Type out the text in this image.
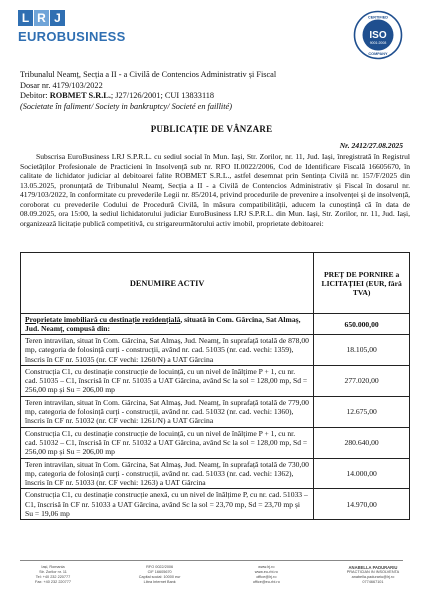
L R J
EUROBUSINESS	ISO
9001:2008
CERTIFIED
COMPANY
Tribunalul Neamț, Secția a II - a Civilă de Contencios Administrativ și Fiscal
Dosar nr. 4179/103/2022
Debitor: ROBMET S.R.L.; J27/126/2001; CUI 13833118
(Societate în faliment/ Society in bankruptcy/ Societé en faillité)
PUBLICAȚIE DE VÂNZARE
Nr. 2412/27.08.2025
Subscrisa EuroBusiness LRJ S.P.R.L. cu sediul social în Mun. Iași, Str. Zorilor, nr. 11, Jud. Iași, înregistrată în Registrul Societăților Profesionale de Practicieni în Insolvență sub nr. RFO II.0022/2006, Cod de Identificare Fiscală 16605670, în calitate de lichidator judiciar al debitoarei falite ROBMET S.R.L., astfel desemnat prin Sentința Civilă nr. 157/F/2025 din 13.05.2025, pronunțată de Tribunalul Neamț, Secția a II - a Civilă de Contencios Administrativ și Fiscal în dosarul nr. 4179/103/2022, în conformitate cu prevederile Legii nr. 85/2014, privind procedurile de prevenire a insolvenței și de insolvență, coroborat cu prevederile Codului de Procedură Civilă, în măsura compatibilității, aducem la cunoștință că în data de 08.09.2025, ora 15:00, la sediul lichidatorului judiciar EuroBusiness LRJ S.P.R.L. din Mun. Iași, Str. Zorilor, nr. 11, Jud. Iași, organizează licitație publică competitivă, cu strigareurmătorului activ imobil, proprietate debitoarei:
DENUMIRE ACTIV	PREȚ DE PORNIRE a LICITAȚIEI (EUR, fără TVA)
Proprietate imobiliară cu destinație rezidențială, situată în Com. Gârcina, Sat Almaș, Jud. Neamț, compusă din:	650.000,00
Teren intravilan, situat în Com. Gârcina, Sat Almaș, Jud. Neamț, în suprafață totală de 878,00 mp, categoria de folosință curți - construcții, având nr. cad. 51035 (nr. cad. vechi: 1359), înscris în CF nr. 51035 (nr. CF vechi: 1260/N) a UAT Gârcina	18.105,00
Construcția C1, cu destinație construcție de locuință, cu un nivel de înălțime P + 1, cu nr. cad. 51035 – C1, înscrisă în CF nr. 51035 a UAT Gârcina, având Sc la sol = 128,00 mp, Sd = 256,00 mp și Su = 206,00 mp	277.020,00
Teren intravilan, situat în Com. Gârcina, Sat Almaș, Jud. Neamț, în suprafață totală de 779,00 mp, categoria de folosință curți - construcții, având nr. cad. 51032 (nr. cad. vechi: 1360), înscris în CF nr. 51032 (nr. CF vechi: 1261/N) a UAT Gârcina	12.675,00
Construcția C1, cu destinație construcție de locuință, cu un nivel de înălțime P + 1, cu nr. cad. 51032 – C1, înscrisă în CF nr. 51032 a UAT Gârcina, având Sc la sol = 128,00 mp, Sd = 256,00 mp și Su = 206,00 mp	280.640,00
Teren intravilan, situat în Com. Gârcina, Sat Almaș, Jud. Neamț, în suprafață totală de 730,00 mp, categoria de folosință curți - construcții, având nr. cad. 51033 (nr. cad. vechi: 1362), înscris în CF nr. 51033 (nr. CF vechi: 1263) a UAT Gârcina	14.000,00
Construcția C1, cu destinație construcție anexă, cu un nivel de înălțime P, cu nr. cad. 51033 – C1, înscrisă în CF nr. 51033 a UAT Gârcina, având Sc la sol = 23,70 mp, Sd = 23,70 mp și Su = 19,06 mp	14.970,00
Iași, Romania
Str. Zorilor nr. 11
Tel: +40 232 220777
Fax: +40 232 220777
RFO 0022/2006
CIF 16605670
Capital social: 10000 eur
Libra Internet Bank
www.lrj.ro
www.eu-rbi.ro
office@lrj.ro
office@eu-rbi.ro
ANABELLA PADURARIU
PRACTICIAN IN INSOLVENTA
anabella.padurariu@lrj.ro
0774667101
